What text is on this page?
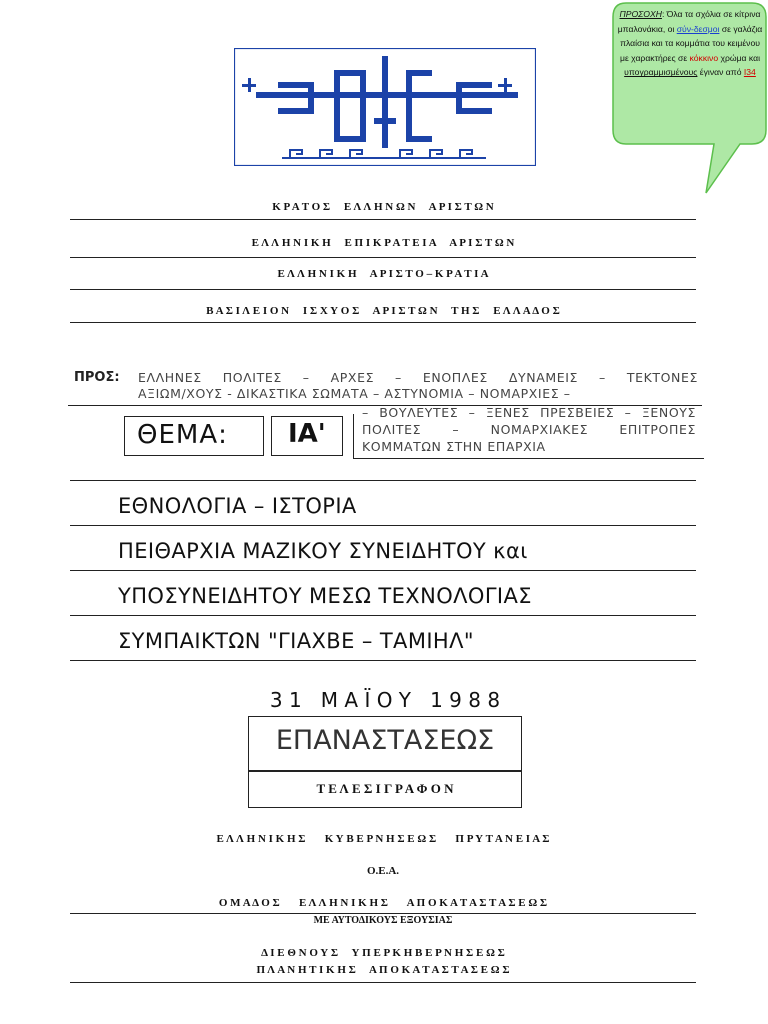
ΠΡΟΣΟΧΗ: Όλα τα σχόλια σε κίτρινα μπαλονάκια, οι σύν-δεσμοι σε γαλάζια πλαίσια και τα κομμάτια του κειμένου με χαρακτήρες σε κόκκινο χρώμα και υπογραμμισμένους έγιναν από I34
Κ Ρ Α Τ Ο Σ     Ε Λ Λ Η Ν Ω Ν     Α Ρ Ι Σ Τ Ω Ν
Ε Λ Λ Η Ν Ι Κ Η     Ε Π Ι Κ Ρ Α Τ Ε Ι Α     Α Ρ Ι Σ Τ Ω Ν
Ε Λ Λ Η Ν Ι Κ Η     Α Ρ Ι Σ Τ Ο – Κ Ρ Α Τ Ι Α
Β Α Σ Ι Λ Ε Ι Ο Ν     Ι Σ Χ Υ Ο Σ     Α Ρ Ι Σ Τ Ω Ν     Τ Η Σ     Ε Λ Λ Α Δ Ο Σ
ΠΡΟΣ: ΕΛΛΗΝΕΣ ΠΟΛΙΤΕΣ – ΑΡΧΕΣ – ΕΝΟΠΛΕΣ ΔΥΝΑΜΕΙΣ – ΤΕΚΤΟΝΕΣ
ΑΞΙΩΜ/ΧΟΥΣ - ΔΙΚΑΣΤΙΚΑ ΣΩΜΑΤΑ – ΑΣΤΥΝΟΜΙΑ – ΝΟΜΑΡΧΙΕΣ –
– ΒΟΥΛΕΥΤΕΣ – ΞΕΝΕΣ ΠΡΕΣΒΕΙΕΣ – ΞΕΝΟΥΣ
ΠΟΛΙΤΕΣ – ΝΟΜΑΡΧΙΑΚΕΣ ΕΠΙΤΡΟΠΕΣ
ΚΟΜΜΑΤΩΝ ΣΤΗΝ ΕΠΑΡΧΙΑ
ΘΕΜΑ: ΙΑ'
ΕΘΝΟΛΟΓΙΑ – ΙΣΤΟΡΙΑ
ΠΕΙΘΑΡΧΙΑ ΜΑΖΙΚΟΥ ΣΥΝΕΙΔΗΤΟΥ και
ΥΠΟΣΥΝΕΙΔΗΤΟΥ ΜΕΣΩ ΤΕΧΝΟΛΟΓΙΑΣ
ΣΥΜΠΑΙΚΤΩΝ "ΓΙΑΧΒΕ – ΤΑΜΙΗΛ"
3 1   Μ Α Ϊ Ο Υ   1 9 8 8
ΕΠΑΝΑΣΤΑΣΕΩΣ
Τ Ε Λ Ε Σ Ι Γ Ρ Α Φ Ο Ν
Ε Λ Λ Η Ν Ι Κ Η Σ       Κ Υ Β Ε Ρ Ν Η Σ Ε Ω Σ       Π Ρ Υ Τ Α Ν Ε Ι Α Σ
Ο.Ε.Α.
Ο Μ Α Δ Ο Σ       Ε Λ Λ Η Ν Ι Κ Η Σ       Α Π Ο Κ Α Τ Α Σ Τ Α Σ Ε Ω Σ
ΜΕ ΑΥΤΟΔΙΚΟΥΣ ΕΞΟΥΣΙΑΣ
Δ Ι Ε Θ Ν Ο Υ Σ     Υ Π Ε Ρ Κ Η Β Ε Ρ Ν Η Σ Ε Ω Σ
Π Λ Α Ν Η Τ Ι Κ Η Σ     Α Π Ο Κ Α Τ Α Σ Τ Α Σ Ε Ω Σ
